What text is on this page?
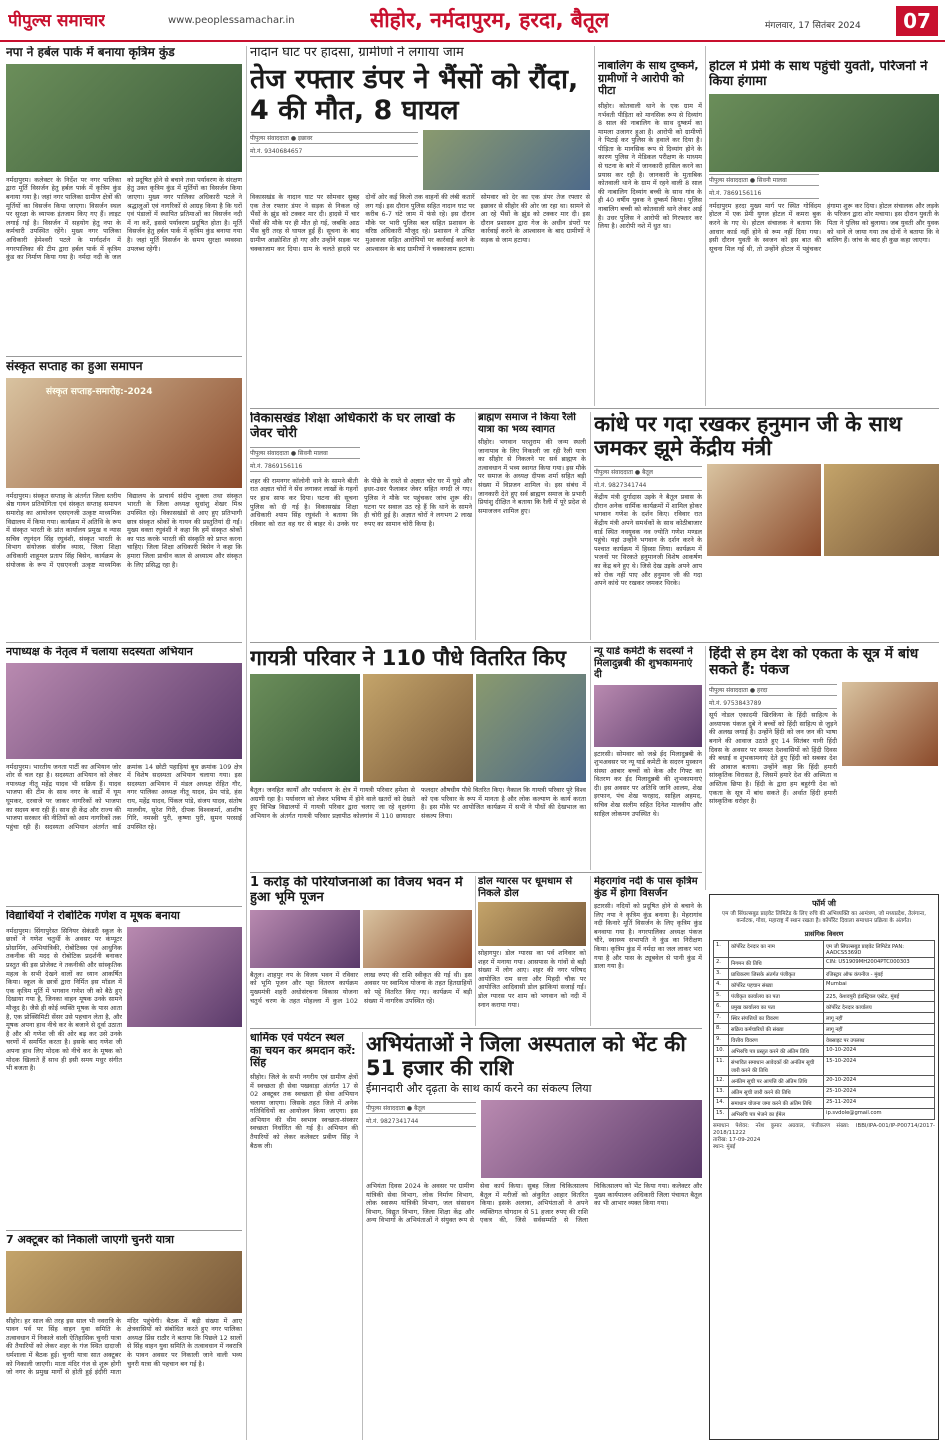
पीपुल्स समाचार	www.peoplessamachar.in	सीहोर, नर्मदापुरम, हरदा, बैतूल	मंगलवार, 17 सितंबर 2024	07
नपा ने हर्बल पार्क में बनाया कृत्रिम कुंड
नर्मदापुरम। कलेक्टर के निर्देश पर नगर पालिका द्वारा मूर्ति विसर्जन हेतु हर्बल पार्क में कृत्रिम कुंड बनाया गया है। जहां नगर पालिका ग्रामीण क्षेत्रों की मूर्तियों का विसर्जन किया जाएगा। विसर्जन स्थल पर सुरक्षा के व्यापक इंतजाम किए गए हैं। लाइट लगाई गई है। विसर्जन में सहयोग हेतु नपा के कर्मचारी उपस्थित रहेंगे। मुख्य नगर पालिका अधिकारी हेमेश्वरी पटले के मार्गदर्शन में नगरपालिका की टीम द्वारा हर्बल पार्क में कृत्रिम कुंड का निर्माण किया गया है। नर्मदा नदी के जल को प्रदूषित होने से बचाने तथा पर्यावरण के संरक्षण हेतु उक्त कृत्रिम कुंड में मूर्तियों का विसर्जन किया जाएगा। मुख्य नगर पालिका अधिकारी पटले ने श्रद्धालुओं एवं नागरिकों से आग्रह किया है कि घरों एवं पंडालों में स्थापित प्रतिमाओं का विसर्जन नदी में ना करें, इससे पर्यावरण प्रदूषित होता है। मूर्ति विसर्जन हेतु हर्बल पार्क में कृत्रिम कुंड बनाया गया है। जहां मूर्ति विसर्जन के समय सुरक्षा व्यवस्था उपलब्ध रहेगी।
संस्कृत सप्ताह का हुआ समापन
संस्कृत सप्ताह-समारोह:-2024
नर्मदापुरम। संस्कृत सप्ताह के अंतर्गत जिला स्तरीय श्रेष्ठ गायन प्रतियोगिता एवं संस्कृत सप्ताह समापन समारोह का आयोजन एसएनजी उत्कृष्ट माध्यमिक विद्यालय में किया गया। कार्यक्रम में अतिथि के रूप में संस्कृत भारती के प्रांत कार्यालय प्रमुख व न्यास सचिव रघुनंदन सिंह रघुवंशी, संस्कृत भारती के विभाग संयोजक संजीव व्यास, जिला शिक्षा अधिकारी शाहूमल प्रताप सिंह बिसेन, कार्यक्रम के संयोजक के रूप में एसएनजी उत्कृष्ट माध्यमिक विद्यालय के प्राचार्य संदीप शुक्ला तथा संस्कृत भारती के जिला अध्यक्ष सुधांशु शेखर मिश्र उपस्थित रहे। विकासखंडों से आए हुए प्रतिभागी छात्र संस्कृत श्रोकों के गायन की प्रस्तुतियां दी गईं। मुख्य वक्ता रघुवंशी ने कहा कि हमें संस्कृत श्रोकों का पाठ करके भारती की संस्कृति को प्राप्त करना चाहिए। जिला शिक्षा अधिकारी बिसेन ने कहा कि हमारा जिला प्राचीन काल से अध्यात्म और संस्कृत के लिए प्रसिद्ध रहा है।
नपाध्यक्ष के नेतृत्व में चलाया सदस्यता अभियान
नर्मदापुरम। भारतीय जनता पार्टी का अभियान जोर शोर से चल रहा है। सदस्यता अभियान को लेकर नपाध्यक्ष नीतू महेंद्र यादव भी सक्रिय हैं। यादव भाजपा की टीम के साथ नगर के वार्डों में घूम घूमकर, दरवाजे पर जाकर नागरिकों को भाजपा का सदस्य बना रही हैं। साथ ही केंद्र और राज्य की भाजपा सरकार की नीतियों को आम नागरिकों तक पहुंचा रही हैं। सदस्यता अभियान अंतर्गत वार्ड क्रमांक 14 छोटी पहाड़ियां बूथ क्रमांक 109 क्षेत्र में विशेष सदस्यता अभियान चलाया गया। इस सदस्यता अभियान में मंडल अध्यक्ष रोहित गौर, नगर पालिका अध्यक्ष नीतू यादव, प्रेम पांडे, हंस राय, महेंद्र यादव, पिंकल पांडे, संजय यादव, संतोष मालवीय, सुरेश गिरी, दीपक विश्वकर्मा, आशीष गिरि, नमस्वी पुरी, कृष्णा पुरी, सुमन परसाई उपस्थित रहे।
विद्यार्थियों ने रोबोटिक गणेश व मूषक बनाया
नर्मदापुरम। सिंगापुरेस्त सिनियर सेकंडरी स्कूल के छात्रों ने गणेश चतुर्थी के अवसर पर कंप्यूटर प्रोग्रामिंग, अभियांत्रिकी, रोबोटिक्स एवं आधुनिक तकनीक की मदद से रोबोटिक प्रदर्शनी बनाकर प्रस्तुत की इस प्रोजेक्ट ने तकनीकी और सांस्कृतिक महत्व के सभी देखने वालों का ध्यान आकर्षित किया। स्कूल के छात्रों द्वारा निर्मित इस मॉडल में एक कृत्रिम मूर्ति में भगवान गणेश जी को बैठे हुए दिखाया गया है, जिनका वाहन मूषक उनके सामने मौजूद है। जैसे ही कोई व्यक्ति मूषक के पास आता है, एक प्रोक्सिमिटी सेंसर उसे पहचान लेता है, और मूषक अपना हाथ नीचे कर के बजाने से दूर्वा उठाता है और श्री गणेश जी की ओर बढ़ कर उसे उनके चरणों में समर्पित करता है। इसके बाद गणेश जी अपना हाथ लिए मोदक को नीचे कर के मूषक को मोदक खिलाते हैं साथ ही इसी समय मधुर संगीत भी बजता है।
7 अक्टूबर को निकाली जाएगी चुनरी यात्रा
सीहोर। हर साल की तरह इस साल भी नवरात्रि के पावन पर्व पर सिंह वाहन युवा समिति के तत्वावधान में निकाले वाली ऐतिहासिक चुनरी यात्रा की तैयारियों को लेकर शहर के गंज स्थित दादाजी धर्मशाला में बैठक हुई। चुनरी यात्रा सात अक्टूबर को निकाली जाएगी। माता मंदिर गंज से शुरू होगी जो नगर के प्रमुख मार्गों से होती हुई इंदौरी माता मंदिर पहुंचेगी। बैठक में बड़ी संख्या में आए क्षेत्रवासियों को संबोधित करते हुए नगर पालिका अध्यक्ष प्रिंस राठौर ने बताया कि पिछले 12 सालों से सिंह वाहन युवा समिति के तत्वावधान में नवरात्रि के पावन अवसर पर निकाली जाने वाली भव्य चुनरी यात्रा की पहचान बन गई है।
नादान घाट पर हादसा, ग्रामीणों ने लगाया जाम
तेज रफ्तार डंपर ने भैंसों को रौंदा, 4 की मौत, 8 घायल
पीपुल्स संवाददाता ● इछावर
मो.नं. 9340684657
विकासखंड के नादान घाट पर सोमवार सुबह एक तेज रफ्तार डंपर ने सड़क से निकल रहे भैंसों के झुंड को टक्कर मार दी। हादसे में चार भैंसों की मौके पर ही मौत हो गई, जबकि आठ भैंस बुरी तरह से घायल हुईं हैं। सूचना के बाद ग्रामीण आक्रोशित हो गए और उन्होंने सड़क पर चक्काजाम कर दिया। ग्राम के चलते हादसे पर दोनों ओर कई किलो तक वाहनों की लंबी कतारें लग गई। इस दौरान पुलिस सहित नादान घाट पर करीब 6-7 घंटे जाम में फंसे रहे। इस दौरान मौके पर भारी पुलिस बल सहित प्रशासन के वरिष्ठ अधिकारी मौजूद रहे। प्रशासन ने उचित मुआवजा सहित आरोपियों पर कार्रवाई करने के आश्वासन के बाद ग्रामीणों ने चक्काजाम हटाया। सोमवार को देर का एक डंपर तेज रफ्तार से इछावर से सीहोर की ओर जा रहा था। सामने से आ रहे भैंसों के झुंड को टक्कर मार दी। इस दौरान प्रशासन द्वारा गेज के अधीन डंपरों पर कार्रवाई करने के आश्वासन के बाद ग्रामीणों ने सड़क से जाम हटाया।
नाबालिग के साथ दुष्कर्म, ग्रामीणों ने आरोपी को पीटा
सीहोर। कोतवाली थाने के एक ग्राम में गर्भवती पीड़िता को मानसिक रूप से दिव्यांग 8 साल की नाबालिग के साथ दुष्कर्म का मामला उजागर हुआ है। आरोपी को ग्रामीणों ने पिटाई कर पुलिस के हवाले कर दिया है। पीड़िता के मानसिक रूप से दिव्यांग होने के कारण पुलिस ने मेडिकल परीक्षण के माध्यम से घटना के बारे में जानकारी हासिल करने का प्रयास कर रही है। जानकारी के मुताबिक कोतवाली थाने के ग्राम में रहने वाली 8 साल की नाबालिग दिव्यांग बच्ची के साथ गांव के ही 40 वर्षीय युवक ने दुष्कर्म किया। पुलिस नाबालिग बच्ची को कोतवाली थाने लेकर आई है। उधर पुलिस ने आरोपी को गिरफ्तार कर लिया है। आरोपी नशे में धुत था।
होटल में प्रेमी के साथ पहुंची युवती, परिजनों ने किया हंगामा
पीपुल्स संवाददाता ● सिवनी मालवा
मो.नं. 7869156116
नर्मदापुरम हरदा मुख्य मार्ग पर स्थित गोविंदम होटल में एक प्रेमी युगल होटल में कमरा बुक करने के गए थे। होटल संचालक ने बताया कि आधार कार्ड नहीं होने से रूम नहीं दिया गया। इसी दौरान युवती के स्वजन को इस बात की सूचना मिल गई थी, तो उन्होंने होटल में पहुंचकर हंगामा शुरू कर दिया। होटल संचालक और लड़के के परिजन द्वारा शोर मचाया। इस दौरान युवती के पिता ने पुलिस को बुलाया। जब युवती और युवक को थाने ले जाया गया तब दोनों ने बताया कि वे बालिग हैं। जांच के बाद ही कुछ कहा जाएगा।
विकासखंड शिक्षा अधिकारी के घर लाखों के जेवर चोरी
पीपुल्स संवाददाता ● सिवनी मालवा
मो.नं. 7869156116
शहर की रामनगर कॉलोनी थाने के सामने बीती रात अज्ञात चोरों ने सेंध लगाकर लाखों के गहनों पर हाथ साफ कर दिया। घटना की सूचना पुलिस को दी गई है। विकासखंड शिक्षा अधिकारी श्याम सिंह रघुवंशी ने बताया कि रविवार को रात वह घर से बाहर थे। उनके घर के पीछे के रास्ते से अज्ञात चोर घर में घुसे और इधर-उधर फैलाकर जेवर सहित नगदी ले गए। पुलिस ने मौके पर पहुंचकर जांच शुरू की। घटना पर सवाल उठ रहे हैं कि थाने के सामने ही चोरी हुई है। अज्ञात चोरों ने लगभग 2 लाख रुपए का सामान चोरी किया है।
ब्राह्मण समाज ने किया रैली यात्रा का भव्य स्वागत
सीहोर। भगवान परशुराम की जन्म स्थली जानापाव के लिए निकाली जा रही रैली यात्रा का सीहोर से निकलने पर सर्व ब्राह्मण के तत्वावधान में भव्य स्वागत किया गया। इस मौके पर समाज के अध्यक्ष दीपक शर्मा सहित बड़ी संख्या में विप्रजन शामिल थे। इस संबंध में जानकारी देते हुए सर्व ब्राह्मण समाज के प्रभारी प्रियांशु दीक्षित ने बताया कि रैली में पूरे प्रदेश से समाजजन शामिल हुए।
कांधे पर गदा रखकर हनुमान जी के साथ जमकर झूमे केंद्रीय मंत्री
पीपुल्स संवाददाता ● बैतूल
मो.नं. 9827341744
केंद्रीय मंत्री दुर्गादास उइके ने बैतूल प्रवास के दौरान अनेक धार्मिक कार्यक्रमों में शामिल होकर भगवान गणेश के दर्शन किए। रविवार रात केंद्रीय मंत्री अपने समर्थकों के साथ कोठीबाजार वार्ड स्थित नवयुवक नव ज्योति गणेश मण्डल पहुंचे। यहां उन्होंने भगवान के दर्शन करने के पश्चात कार्यक्रम में हिस्सा लिया। कार्यक्रम में भजनों पर थिरकते हनुमानजी विशेष आकर्षण का केंद्र बने हुए थे। जिसे देख उइके अपने आप को रोक नहीं पाए और हनुमान जी की गदा अपने कांधे पर रखकर जमकर थिरके।
गायत्री परिवार ने 110 पौधे वितरित किए
बैतूल। जनहित कार्यों और पर्यावरण के क्षेत्र में गायत्री परिवार हमेशा से अग्रणी रहा है। पर्यावरण को लेकर भविष्य में होने वाले खतरों को देखते हुए विभिन्न विद्यालयों में गायत्री परिवार द्वारा चलाए जा रहे वृक्षगंगा अभियान के अंतर्गत गायत्री परिवार प्रज्ञापीठ कोलगांव में 110 छायादार फलदार औषधीय पौधे वितरित किए। नैकाल कि गायत्री परिवार पूरे विश्व को एक परिवार के रूप में मानता है और लोक कल्याण के कार्य करता है। इस मौके पर आयोजित कार्यक्रम में सभी ने पौधों की देखभाल का संकल्प लिया।
न्यू यार्ड कमेटी के सदस्यों ने मिलादुन्नबी की शुभकामनाएं दी
इटारसी। सोमवार को जश्ने ईद मिलादुन्नबी के शुभअवसर पर न्यू यार्ड कमेटी के सदरन मुस्कान संस्था आबार बच्चों को केक और गिफ्ट का वितरण कर ईद मिलादुन्नबी की शुभकामनाएं दी। इस अवसर पर अतिथि जानि आलम, शेख इरफान, पंच शेख फरहाद, साहिल अहमद, सचिव शेख सलीम सहित दिनेश मालवीय और साहिल लोकमन उपस्थित थे।
हिंदी से हम देश को एकता के सूत्र में बांध सकते हैं: पंकज
पीपुल्स संवाददाता ● हरदा
मो.नं. 9753843789
सूर्य नोडल एकादमी खिरकिया के हिंदी साहित्य के अध्यापक पंकज दुबे ने बच्चों को हिंदी साहित्य से जुड़ने की अलख जगाई है। उन्होंने हिंदी को जन जन की भाषा बनाने की आवाज उठाते हुए 14 सितंबर यानी हिंदी दिवस के अवसर पर समस्त देशवासियों को हिंदी दिवस की बधाई व शुभकामनाएं देते हुए हिंदी को सबका देश की आवाज बताया। उन्होंने कहा कि हिंदी हमारी सांस्कृतिक विरासत है, जिसमें हमारे देश की अस्मिता व अस्तित्व छिपा है। हिंदी के द्वारा हम बहुरंगी देश को एकता के सूत्र में बांध सकते हैं। अर्थात हिंदी हमारी सांस्कृतिक धरोहर है।
1 करोड़ की परियोजनाओं का विजय भवन में हुआ भूमि पूजन
बैतूल। शाहपुर नप के विजय भवन में रविवार को भूमि पूजन और पट्टा वितरण कार्यक्रम मुख्यमंत्री शहरी अधोसंरचना विकास योजना चतुर्थ चरण के तहत मोहल्ला में कुल 102 लाख रुपए की राशि स्वीकृत की गई थी। इस अवसर पर स्वामित्व योजना के तहत हितग्राहियों को पट्टे वितरित किए गए। कार्यक्रम में बड़ी संख्या में नागरिक उपस्थित रहे।
डोल ग्यारस पर धूमधाम से निकले डोल
सोहागपुर। डोल ग्यारस का पर्व शनिवार को शहर में मनाया गया। आसपास के गांवों से बड़ी संख्या में लोग आए। शहर की नगर परिषद आयोजित राम सत्ता और मिहदी चौक पर आयोजित आदिवासी डोल झांकियां सजाई गईं। डोल ग्यारस पर शाम को भगवान को नदी में स्नान कराया गया।
मेहरागांव नदी के पास कृत्रिम कुंड में होगा विसर्जन
इटारसी। नदियों को प्रदूषित होने से बचाने के लिए नपा ने कृत्रिम कुंड बनाया है। मेहरागांव नदी किनारे मूर्ति विसर्जन के लिए कृत्रिम कुंड बनवाया गया है। नगरपालिका अध्यक्ष पंकज चौरे, स्वास्थ्य सभापति ने कुंड का निरीक्षण किया। कृत्रिम कुंड में नर्मदा का जल लाकर भरा गया है और पास के ट्यूबवेल से पानी कुंड में डाला गया है।
धार्मिक एवं पर्यटन स्थल का चयन कर श्रमदान करें: सिंह
सीहोर। जिले के सभी नगरीय एवं ग्रामीण क्षेत्रों में स्वच्छता ही सेवा पखवाड़ा अंतर्गत 17 से 02 अक्टूबर तक स्वच्छता ही सेवा अभियान चलाया जाएगा। जिसके तहत जिले में अनेक गतिविधियों का आयोजन किया जाएगा। इस अभियान की थीम स्वभाव स्वच्छता-संस्कार स्वच्छता निर्धारित की गई है। अभियान की तैयारियों को लेकर कलेक्टर प्रवीण सिंह ने बैठक ली।
अभियंताओं ने जिला अस्पताल को भेंट की 51 हजार की राशि
ईमानदारी और दृढ़ता के साथ कार्य करने का संकल्प लिया
पीपुल्स संवाददाता ● बैतूल
मो.नं. 9827341744
अभियंता दिवस 2024 के अवसर पर ग्रामीण यांत्रिकी सेवा विभाग, लोक निर्माण विभाग, लोक स्वास्थ्य यांत्रिकी विभाग, जल संसाधन विभाग, विद्युत विभाग, जिला शिक्षा केंद्र और अन्य विभागों के अभियंताओं ने संयुक्त रूप से सेवा कार्य किया। सुबह जिला चिकित्सालय बैतूल में मरीजों को अंकुरित आहार वितरित किया। इसके अलावा, अभियंताओं ने अपने व्यक्तिगत योगदान से 51 हजार रुपए की राशि एकत्र की, जिसे सर्वसम्मति से जिला चिकित्सालय को भेंट किया गया। कलेक्टर और मुख्य कार्यपालन अधिकारी जिला पंचायत बैतूल का भी आभार व्यक्त किया गया।
फॉर्म जी
एम जी सिंघल्सबुड प्राइवेट लिमिटेड के लिए रुचि की अभिव्यक्ति का आमंत्रण, जो मध्यप्रदेश, तेलंगाना, कर्नाटक, गोवा, महाराष्ट्र में स्थान रखता है। कॉर्पोरेट दिवाला समाधान प्रक्रिया के अंतर्गत।
प्रासंगिक विवरण
1.	कॉर्पोरेट देनदार का नाम	एम जी सिंघल्सबुड प्राइवेट लिमिटेड PAN: AADCS5369D
2.	निगमन की तिथि	CIN: U51909MH2004PTC000303
3.	प्राधिकरण जिसके अंतर्गत पंजीकृत	रजिस्ट्रार ऑफ कंपनीज - मुंबई
4.	कॉर्पोरेट पहचान संख्या	Mumbai
5.	पंजीकृत कार्यालय का पता	225, केशवपुरी इंडस्ट्रियल एस्टेट, मुंबई
6.	प्रमुख कार्यालय का पता	कॉर्पोरेट देनदार कार्यालय
7.	स्थिर संपत्तियों का विवरण	लागू नहीं
8.	सक्रिय कर्मचारियों की संख्या	लागू नहीं
9.	वित्तीय विवरण	वेबसाइट पर उपलब्ध
10.	अभिरुचि पत्र प्रस्तुत करने की अंतिम तिथि	10-10-2024
11.	संभावित समाधान आवेदकों की अनंतिम सूची जारी करने की तिथि	15-10-2024
12.	अनंतिम सूची पर आपत्ति की अंतिम तिथि	20-10-2024
13.	अंतिम सूची जारी करने की तिथि	25-10-2024
14.	समाधान योजना जमा करने की अंतिम तिथि	25-11-2024
15.	अभिरुचि पत्र भेजने का ईमेल	ip.svdole@gmail.com
समाधान पेशेवर: नरेश कुमार अग्रवाल, पंजीकरण संख्या: IBBI/IPA-001/IP-P00714/2017-2018/11222
तारीख: 17-09-2024
स्थान: मुंबई
